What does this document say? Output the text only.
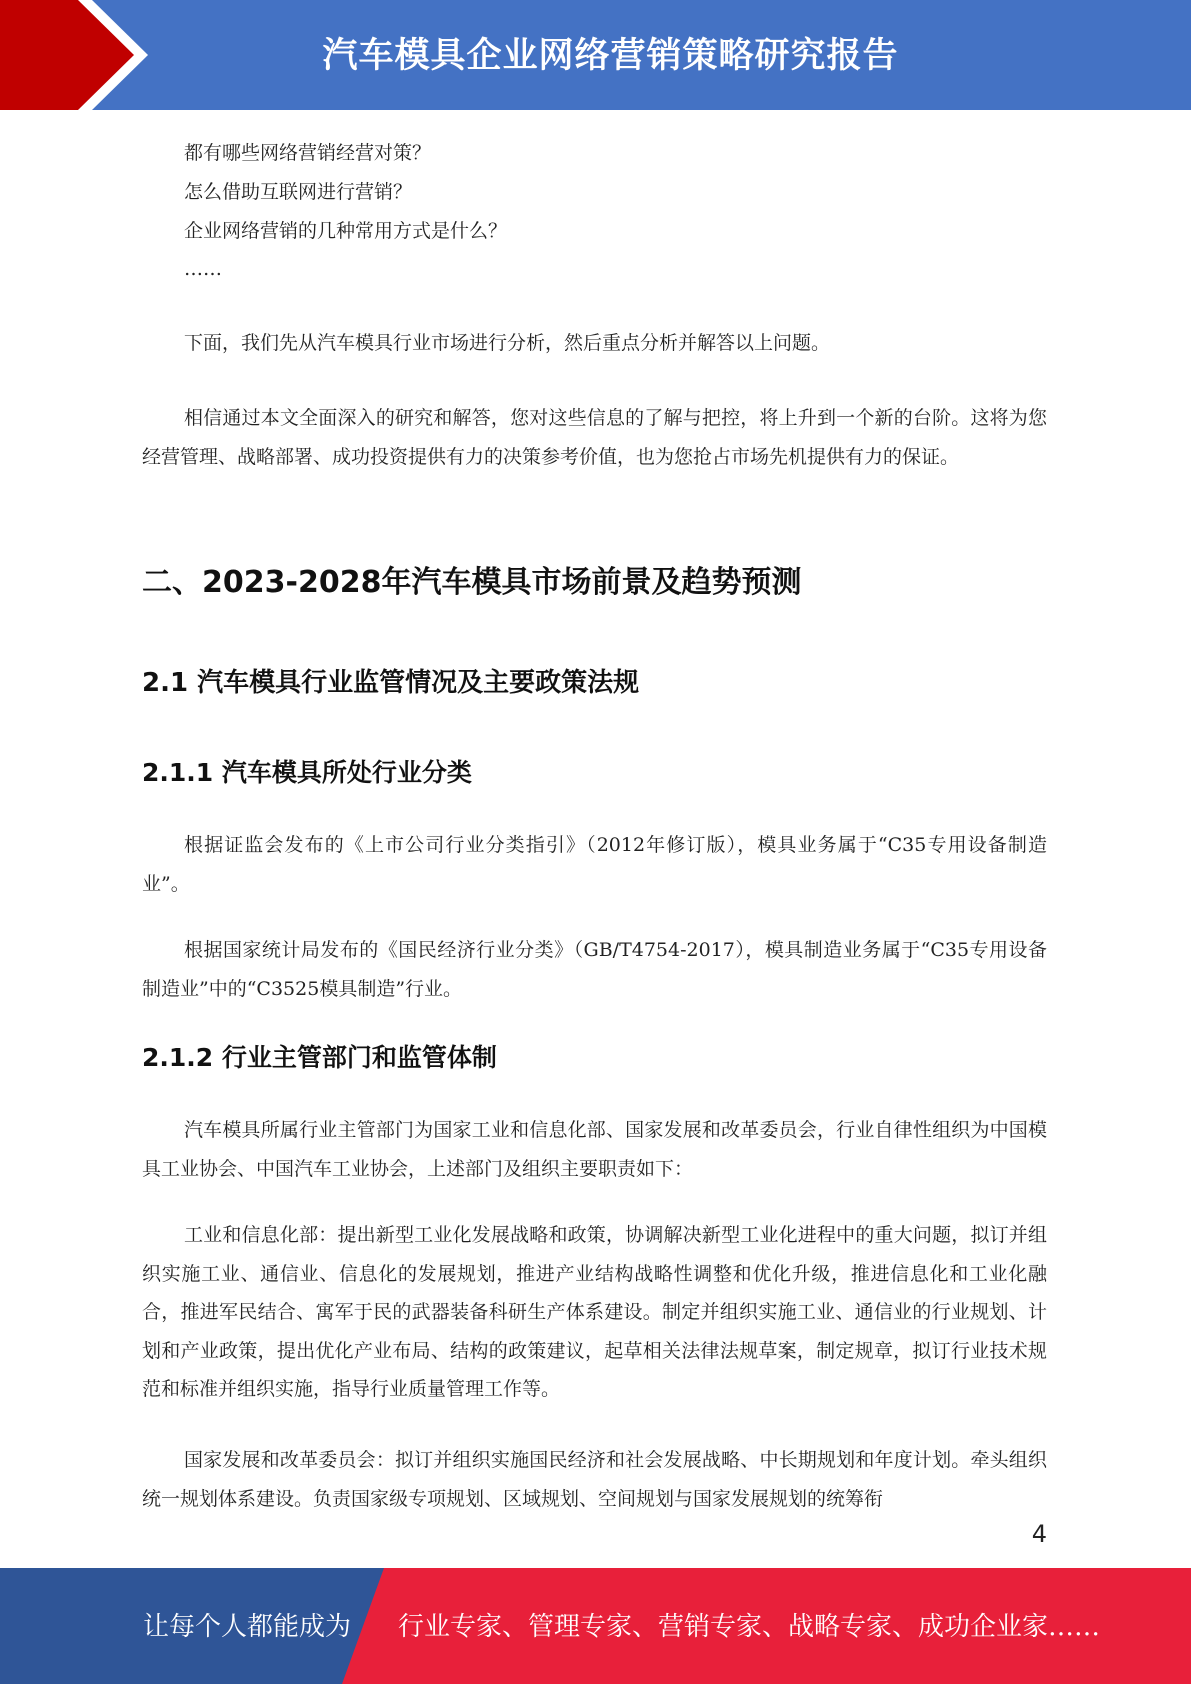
汽车模具企业网络营销策略研究报告
都有哪些网络营销经营对策？
怎么借助互联网进行营销？
企业网络营销的几种常用方式是什么？
……

下面，我们先从汽车模具行业市场进行分析，然后重点分析并解答以上问题。

相信通过本文全面深入的研究和解答，您对这些信息的了解与把控，将上升到一个新的台阶。这将为您经营管理、战略部署、成功投资提供有力的决策参考价值，也为您抢占市场先机提供有力的保证。

二、2023-2028年汽车模具市场前景及趋势预测
2.1 汽车模具行业监管情况及主要政策法规
2.1.1 汽车模具所处行业分类

根据证监会发布的《上市公司行业分类指引》（2012年修订版），模具业务属于“C35专用设备制造业”。

根据国家统计局发布的《国民经济行业分类》（GB/T4754-2017），模具制造业务属于“C35专用设备制造业”中的“C3525模具制造”行业。

2.1.2 行业主管部门和监管体制

汽车模具所属行业主管部门为国家工业和信息化部、国家发展和改革委员会，行业自律性组织为中国模具工业协会、中国汽车工业协会，上述部门及组织主要职责如下：

工业和信息化部：提出新型工业化发展战略和政策，协调解决新型工业化进程中的重大问题，拟订并组织实施工业、通信业、信息化的发展规划，推进产业结构战略性调整和优化升级，推进信息化和工业化融合，推进军民结合、寓军于民的武器装备科研生产体系建设。制定并组织实施工业、通信业的行业规划、计划和产业政策，提出优化产业布局、结构的政策建议，起草相关法律法规草案，制定规章，拟订行业技术规范和标准并组织实施，指导行业质量管理工作等。

国家发展和改革委员会：拟订并组织实施国民经济和社会发展战略、中长期规划和年度计划。牵头组织统一规划体系建设。负责国家级专项规划、区域规划、空间规划与国家发展规划的统筹衔

4
让每个人都能成为 行业专家、管理专家、营销专家、战略专家、成功企业家……
